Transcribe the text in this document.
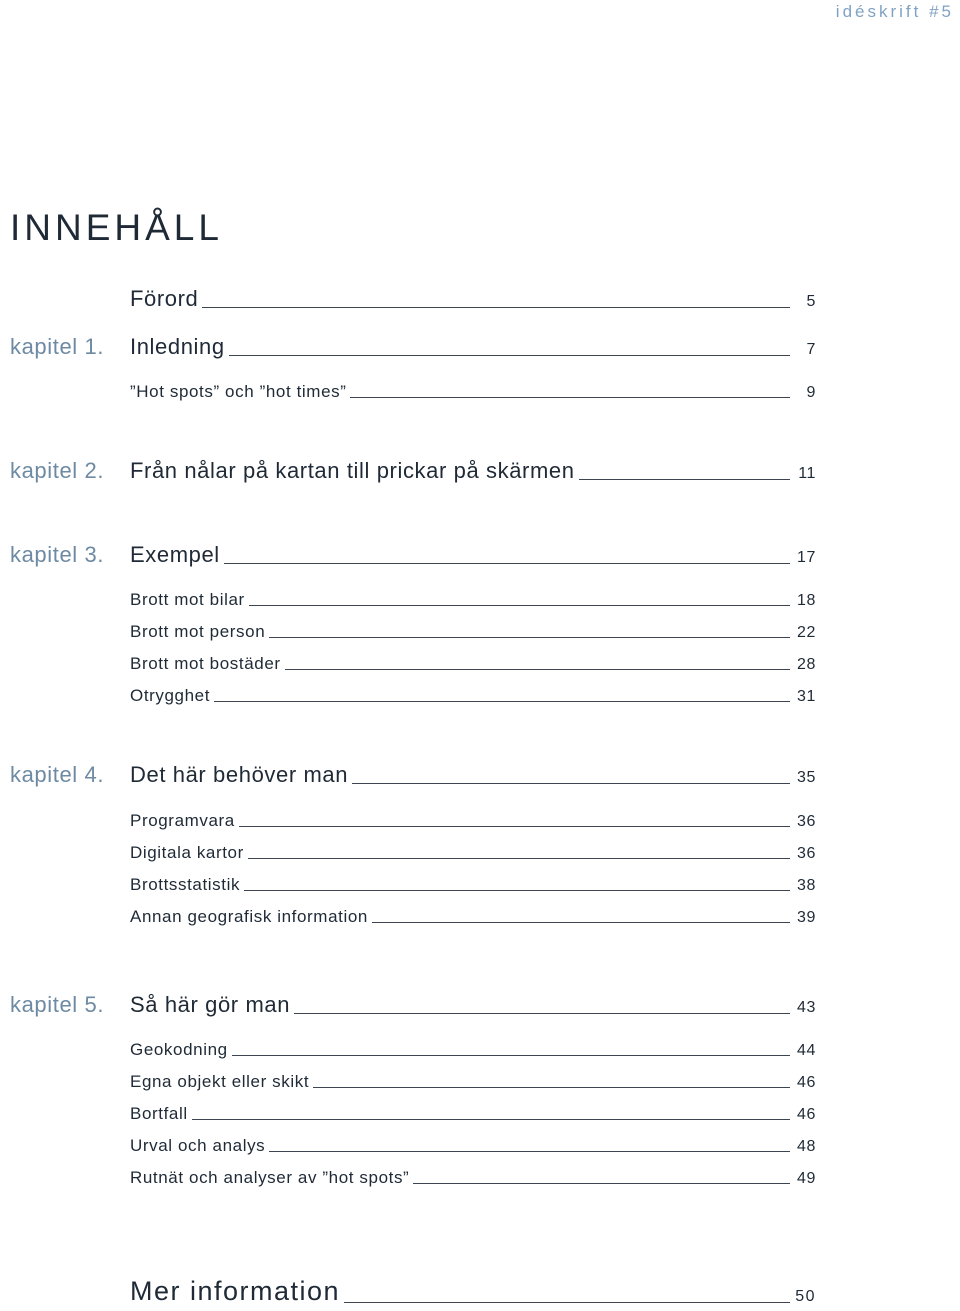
idéskrift #5
INNEHÅLL
Förord	5
kapitel 1. Inledning	7
”Hot spots” och ”hot times”	9
kapitel 2. Från nålar på kartan till prickar på skärmen	11
kapitel 3. Exempel	17
Brott mot bilar	18
Brott mot person	22
Brott mot bostäder	28
Otrygghet	31
kapitel 4. Det här behöver man	35
Programvara	36
Digitala kartor	36
Brottsstatistik	38
Annan geografisk information	39
kapitel 5. Så här gör man	43
Geokodning	44
Egna objekt eller skikt	46
Bortfall	46
Urval och analys	48
Rutnät och analyser av ”hot spots”	49
Mer information	50
